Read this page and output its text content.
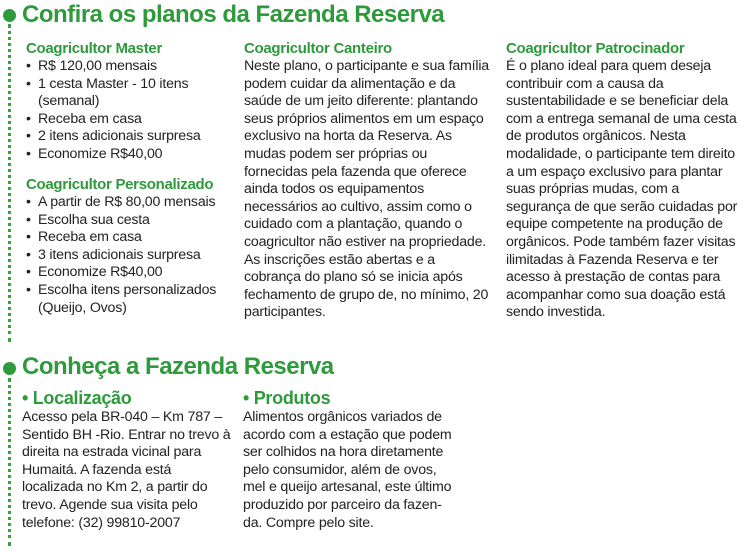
Confira os planos da Fazenda Reserva
Coagricultor Master
• R$ 120,00 mensais
• 1 cesta Master - 10 itens (semanal)
• Receba em casa
• 2 itens adicionais surpresa
• Economize R$40,00
Coagricultor Personalizado
• A partir de R$ 80,00 mensais
• Escolha sua cesta
• Receba em casa
• 3 itens adicionais surpresa
• Economize R$40,00
• Escolha itens personalizados (Queijo, Ovos)
Coagricultor Canteiro

Neste plano, o participante e sua família podem cuidar da alimentação e da saúde de um jeito diferente: plantando seus próprios alimentos em um espaço exclusivo na horta da Reserva. As mudas podem ser próprias ou fornecidas pela fazenda que oferece ainda todos os equipamentos necessários ao cultivo, assim como o cuidado com a plantação, quando o coagricultor não estiver na propriedade. As inscrições estão abertas e a cobrança do plano só se inicia após fechamento de grupo de, no mínimo, 20 participantes.

Coagricultor Patrocinador

É o plano ideal para quem deseja contribuir com a causa da sustentabilidade e se beneficiar dela com a entrega semanal de uma cesta de produtos orgânicos. Nesta modalidade, o participante tem direito a um espaço exclusivo para plantar suas próprias mudas, com a segurança de que serão cuidadas por equipe competente na produção de orgânicos. Pode também fazer visitas ilimitadas à Fazenda Reserva e ter acesso à prestação de contas para acompanhar como sua doação está sendo investida.

Conheça a Fazenda Reserva
• Localização

Acesso pela BR-040 – Km 787 – Sentido BH -Rio. Entrar no trevo à direita na estrada vicinal para Humaitá. A fazenda está localizada no Km 2, a partir do trevo. Agende sua visita pelo telefone: (32) 99810-2007

• Produtos

Alimentos orgânicos variados de acordo com a estação que podem ser colhidos na hora diretamente pelo consumidor, além de ovos, mel e queijo artesanal, este último produzido por parceiro da fazen-da. Compre pelo site.
